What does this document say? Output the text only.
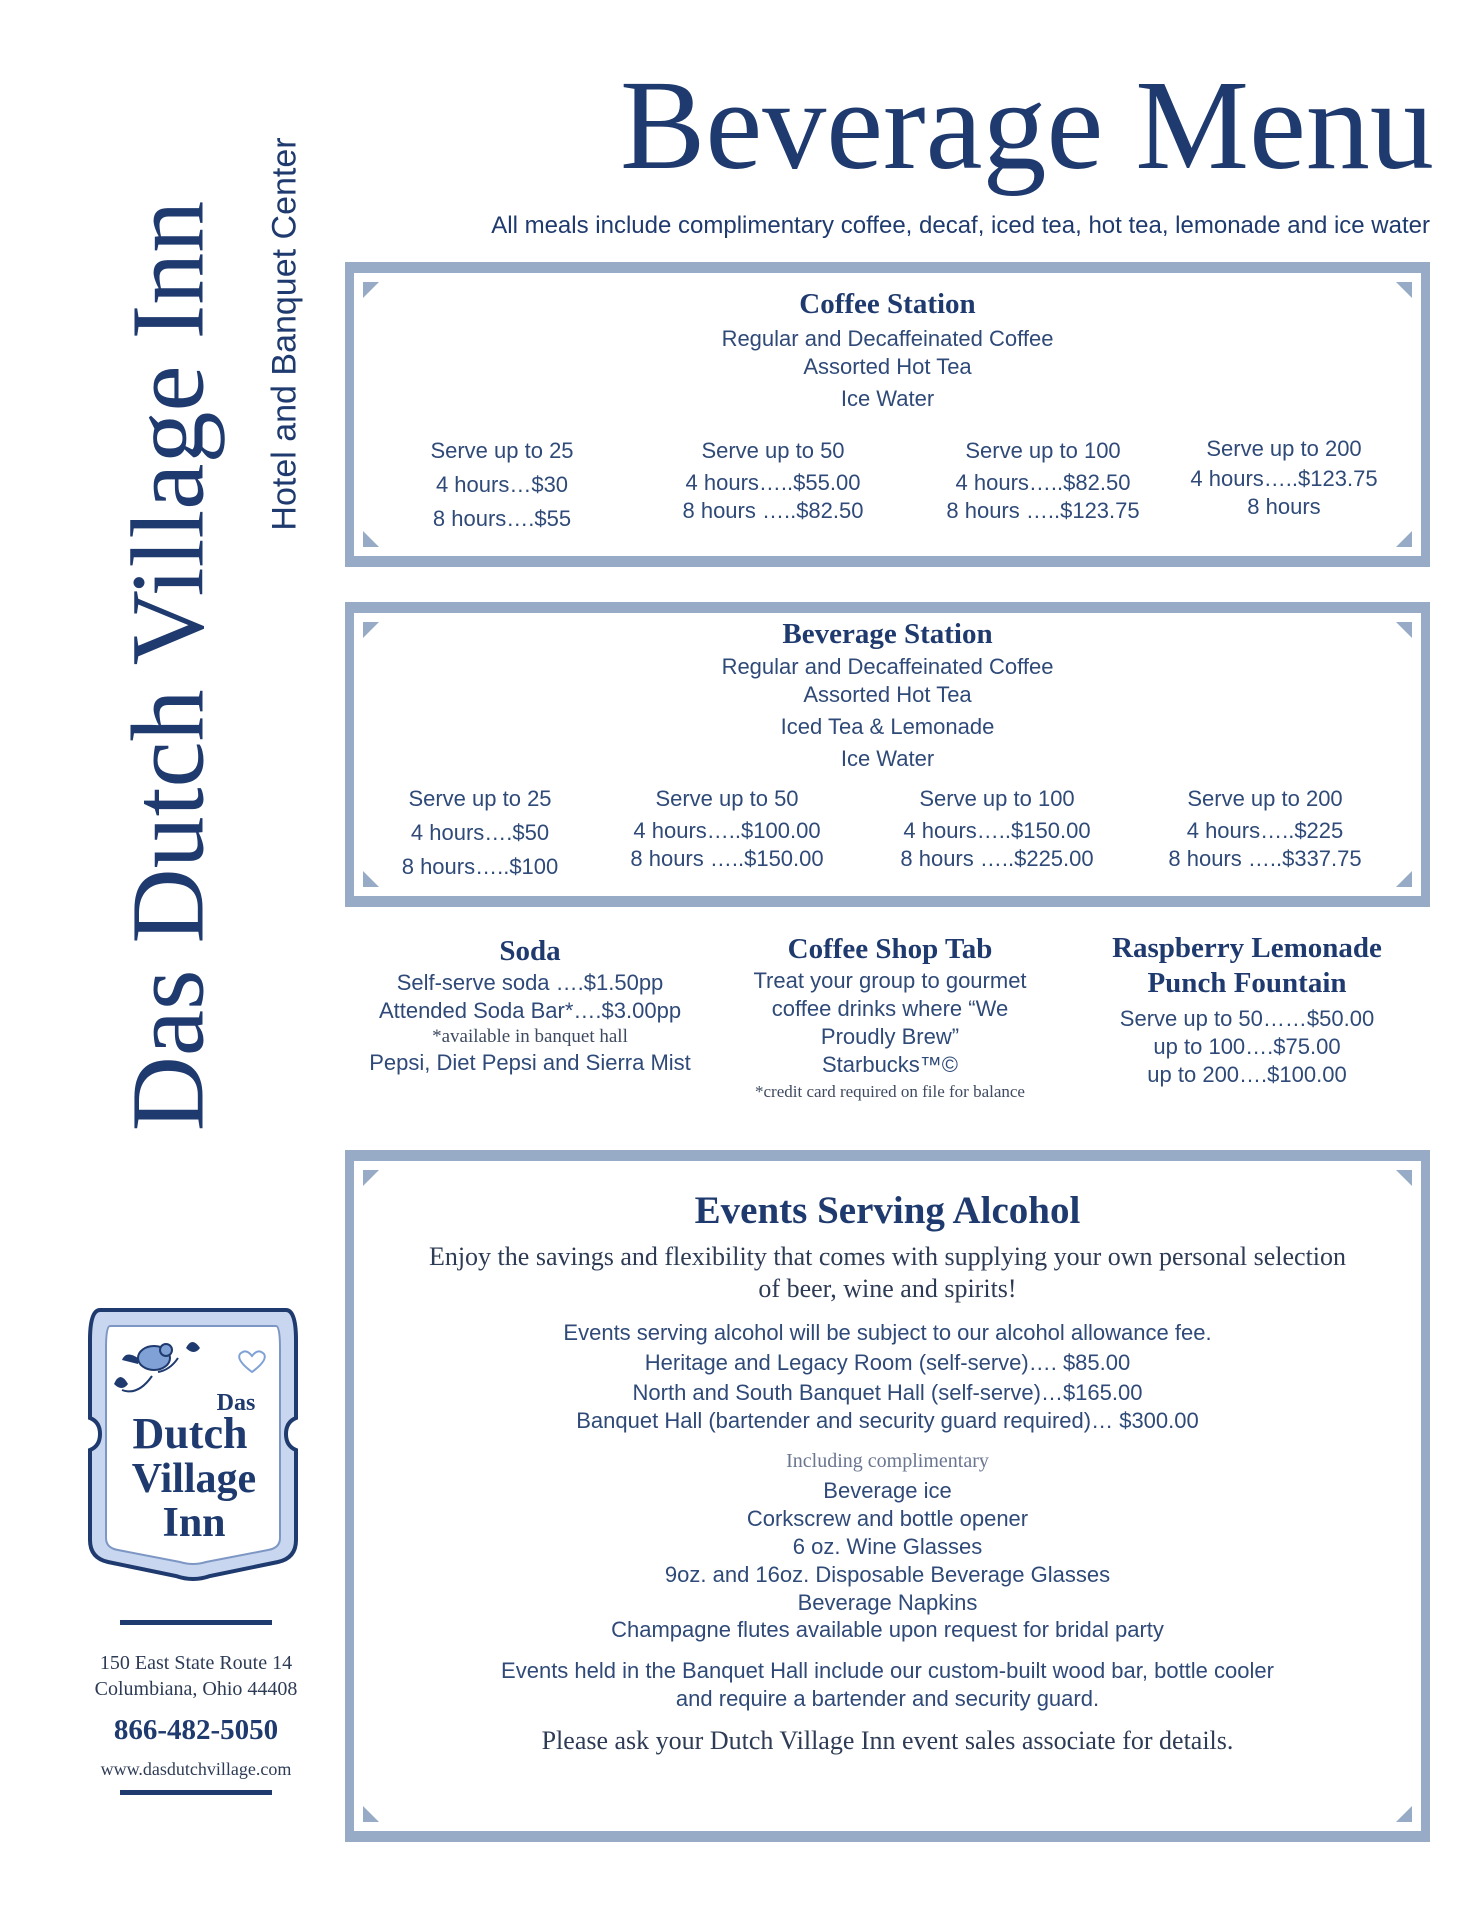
Das Dutch Village Inn Hotel and Banquet Center
Das
Dutch
Village
Inn
150 East State Route 14
Columbiana, Ohio 44408
866-482-5050
www.dasdutchvillage.com
Beverage Menu
All meals include complimentary coffee, decaf, iced tea, hot tea, lemonade and ice water
Coffee Station
Regular and Decaffeinated Coffee
Assorted Hot Tea
Ice Water
Serve up to 25
4 hours…$30
8 hours….$55
Serve up to 50
4 hours…..$55.00
8 hours …..$82.50
Serve up to 100
4 hours…..$82.50
8 hours …..$123.75
Serve up to 200
4 hours…..$123.75
8 hours
Beverage Station
Regular and Decaffeinated Coffee
Assorted Hot Tea
Iced Tea & Lemonade
Ice Water
Serve up to 25
4 hours….$50
8 hours…..$100
Serve up to 50
4 hours…..$100.00
8 hours …..$150.00
Serve up to 100
4 hours…..$150.00
8 hours …..$225.00
Serve up to 200
4 hours…..$225
8 hours …..$337.75
Soda
Self-serve soda ….$1.50pp
Attended Soda Bar*….$3.00pp
*available in banquet hall
Pepsi, Diet Pepsi and Sierra Mist
Coffee Shop Tab
Treat your group to gourmet
coffee drinks where “We
Proudly Brew”
Starbucks™©
*credit card required on file for balance
Raspberry Lemonade
Punch Fountain
Serve up to 50……$50.00
up to 100….$75.00
up to 200….$100.00
Events Serving Alcohol
Enjoy the savings and flexibility that comes with supplying your own personal selection
of beer, wine and spirits!
Events serving alcohol will be subject to our alcohol allowance fee.
Heritage and Legacy Room (self-serve)…. $85.00
North and South Banquet Hall (self-serve)…$165.00
Banquet Hall (bartender and security guard required)… $300.00
Including complimentary
Beverage ice
Corkscrew and bottle opener
6 oz. Wine Glasses
9oz. and 16oz. Disposable Beverage Glasses
Beverage Napkins
Champagne flutes available upon request for bridal party
Events held in the Banquet Hall include our custom-built wood bar, bottle cooler
and require a bartender and security guard.
Please ask your Dutch Village Inn event sales associate for details.
